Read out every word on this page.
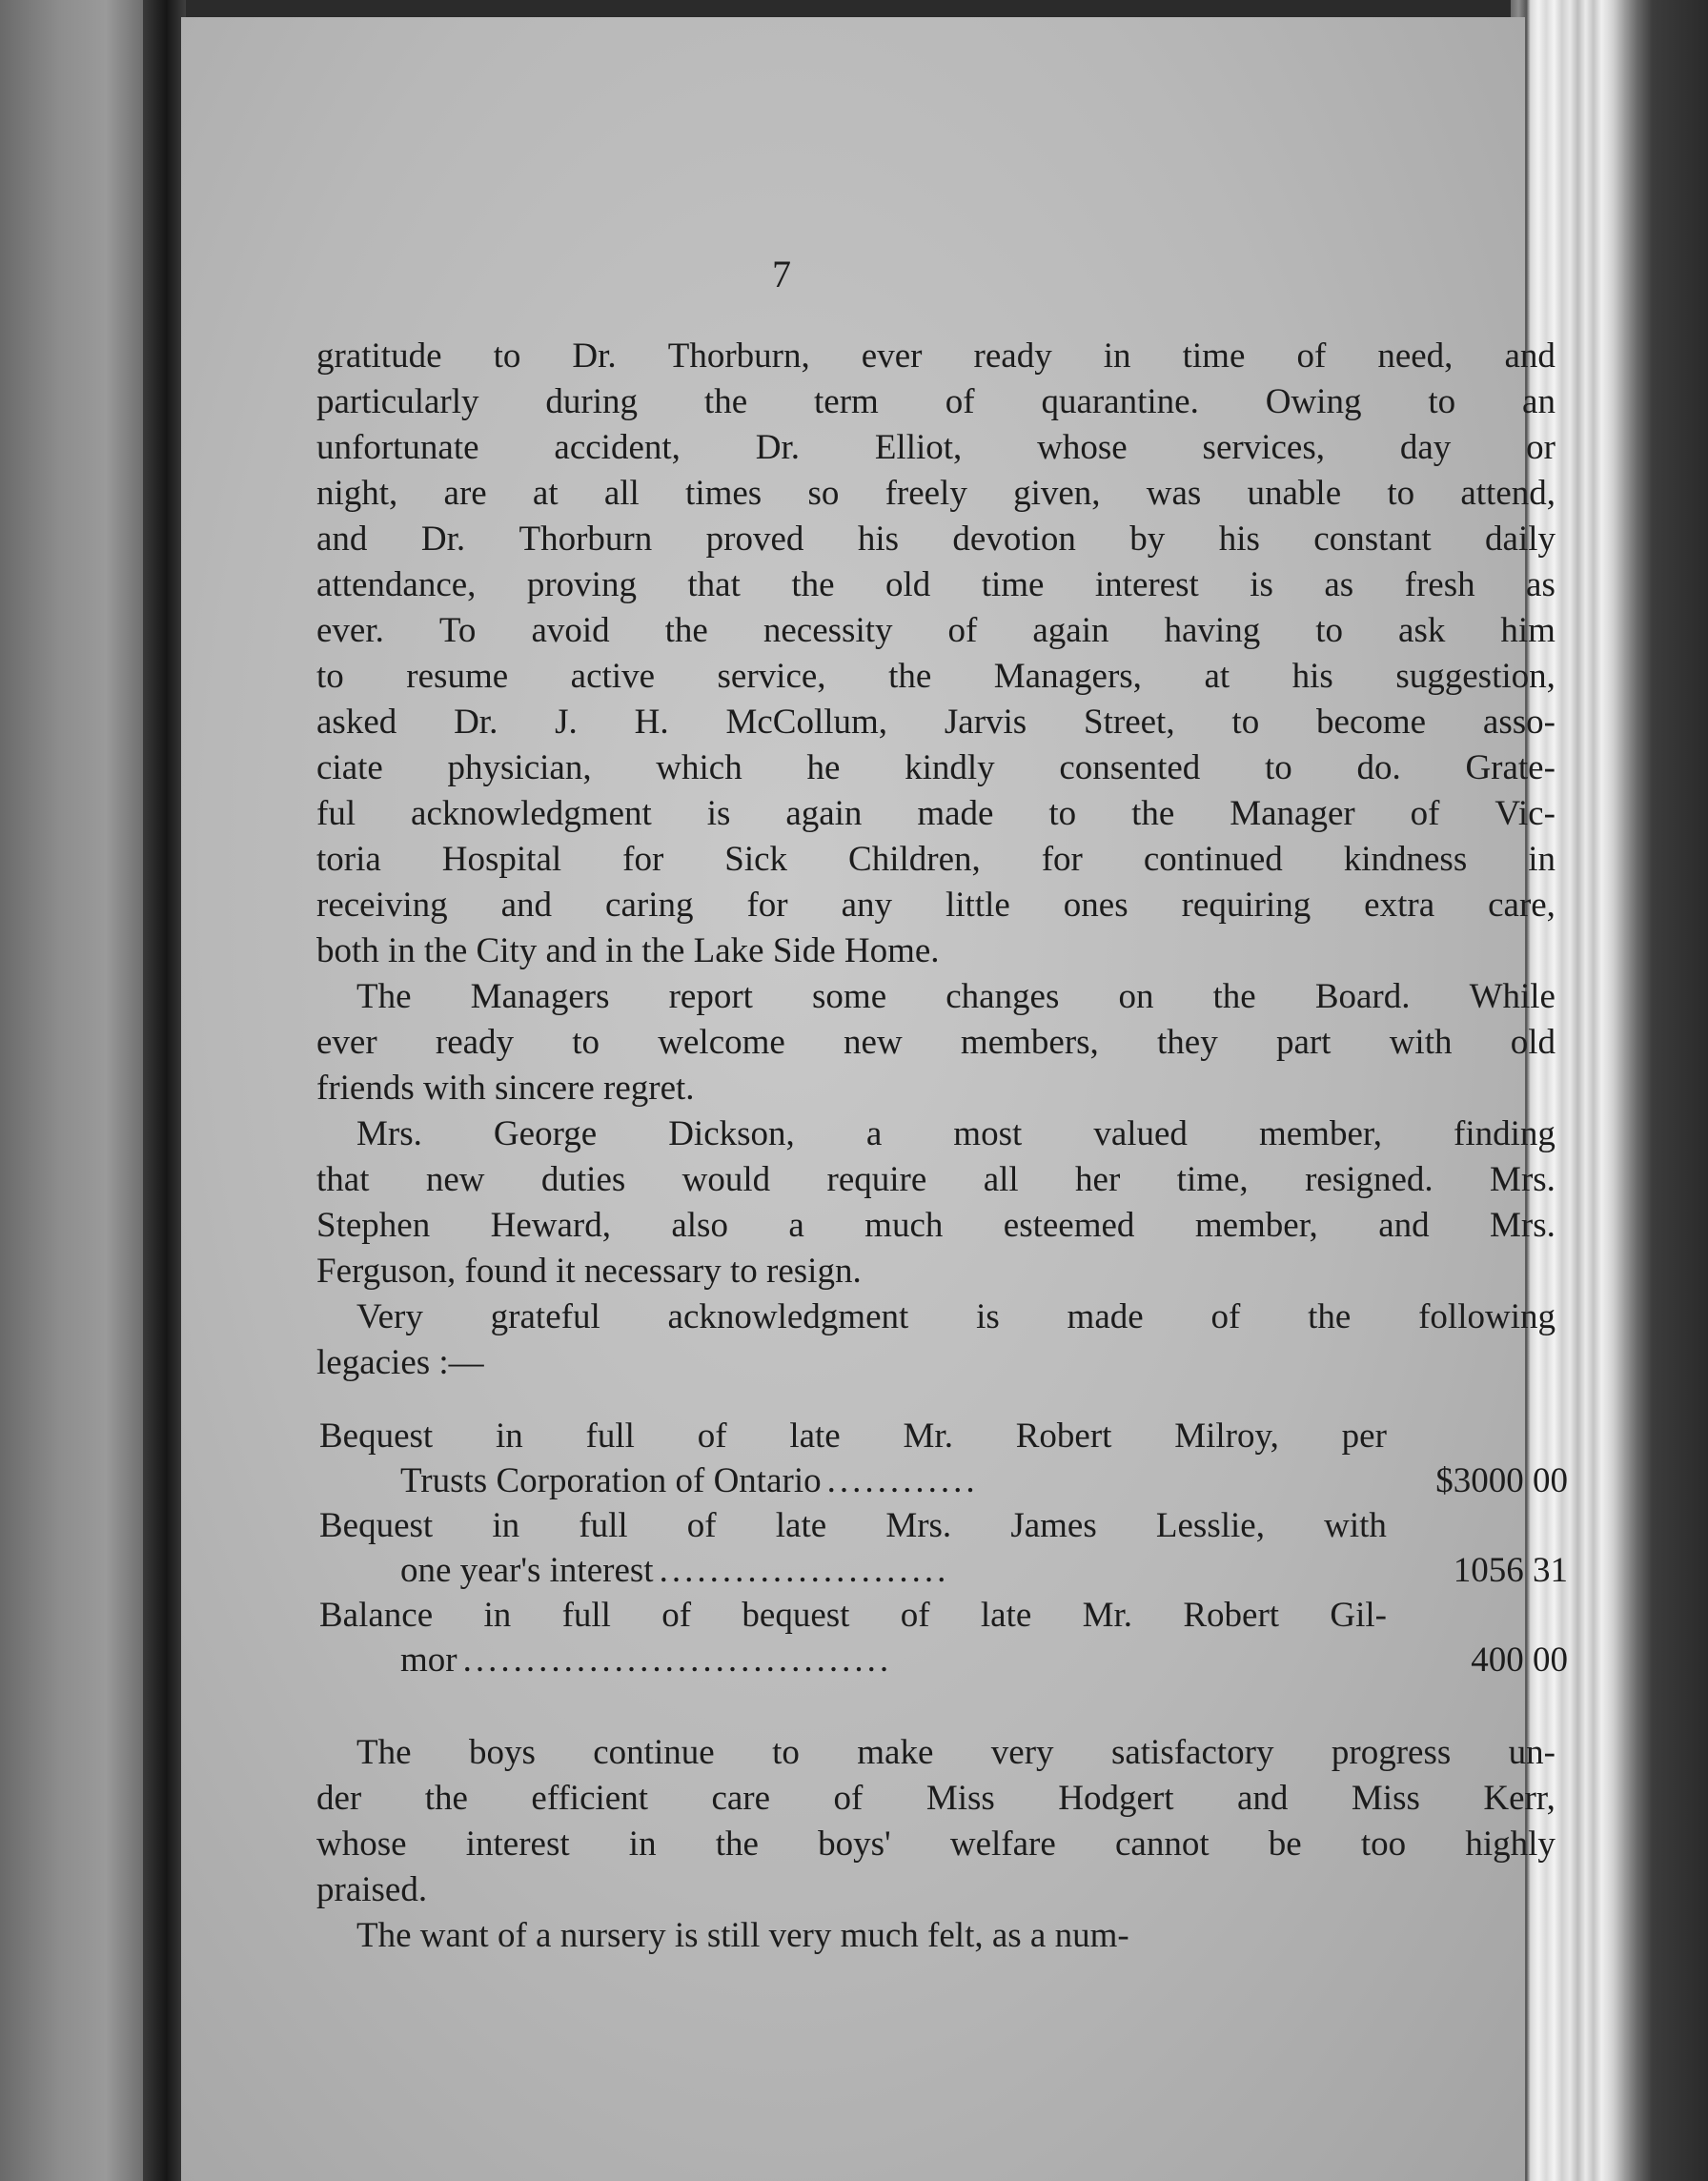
7
gratitude to Dr. Thorburn, ever ready in time of need, and
particularly during the term of quarantine. Owing to an
unfortunate accident, Dr. Elliot, whose services, day or
night, are at all times so freely given, was unable to attend,
and Dr. Thorburn proved his devotion by his constant daily
attendance, proving that the old time interest is as fresh as
ever. To avoid the necessity of again having to ask him
to resume active service, the Managers, at his suggestion,
asked Dr. J. H. McCollum, Jarvis Street, to become asso-
ciate physician, which he kindly consented to do. Grate-
ful acknowledgment is again made to the Manager of Vic-
toria Hospital for Sick Children, for continued kindness in
receiving and caring for any little ones requiring extra care,
both in the City and in the Lake Side Home.
The Managers report some changes on the Board. While
ever ready to welcome new members, they part with old
friends with sincere regret.
Mrs. George Dickson, a most valued member, finding
that new duties would require all her time, resigned. Mrs.
Stephen Heward, also a much esteemed member, and Mrs.
Ferguson, found it necessary to resign.
Very grateful acknowledgment is made of the following
legacies :—
Bequest in full of late Mr. Robert Milroy, per
Trusts Corporation of Ontario ............	$3000 00
Bequest in full of late Mrs. James Lesslie, with
one year's interest .......................	1056 31
Balance in full of bequest of late Mr. Robert Gil-
mor ..................................	400 00
The boys continue to make very satisfactory progress un-
der the efficient care of Miss Hodgert and Miss Kerr,
whose interest in the boys' welfare cannot be too highly
praised.
The want of a nursery is still very much felt, as a num-
